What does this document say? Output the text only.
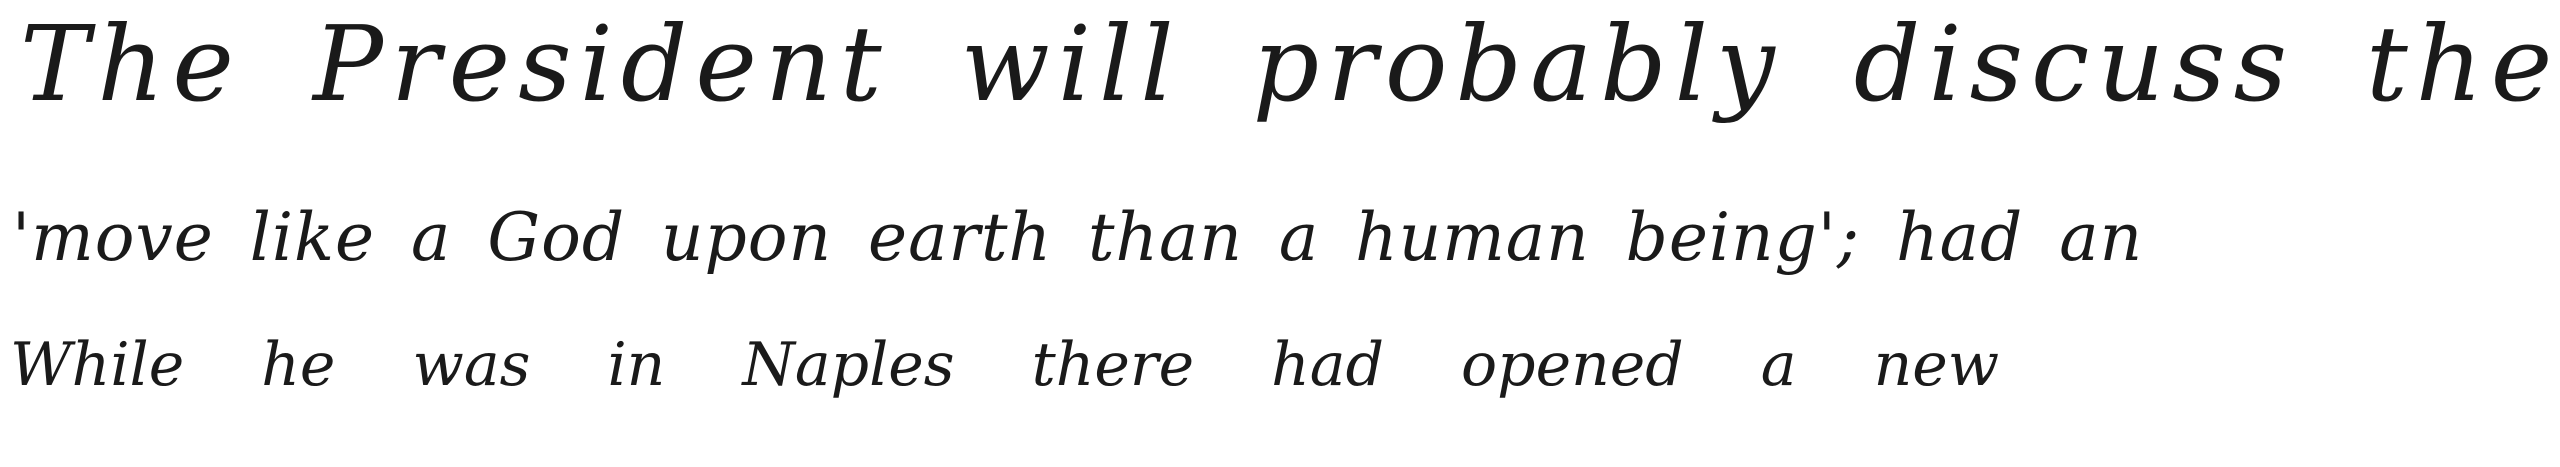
The President will probably discuss the
'move like a God upon earth than a human being'; had an
While he was in Naples there had opened a new
